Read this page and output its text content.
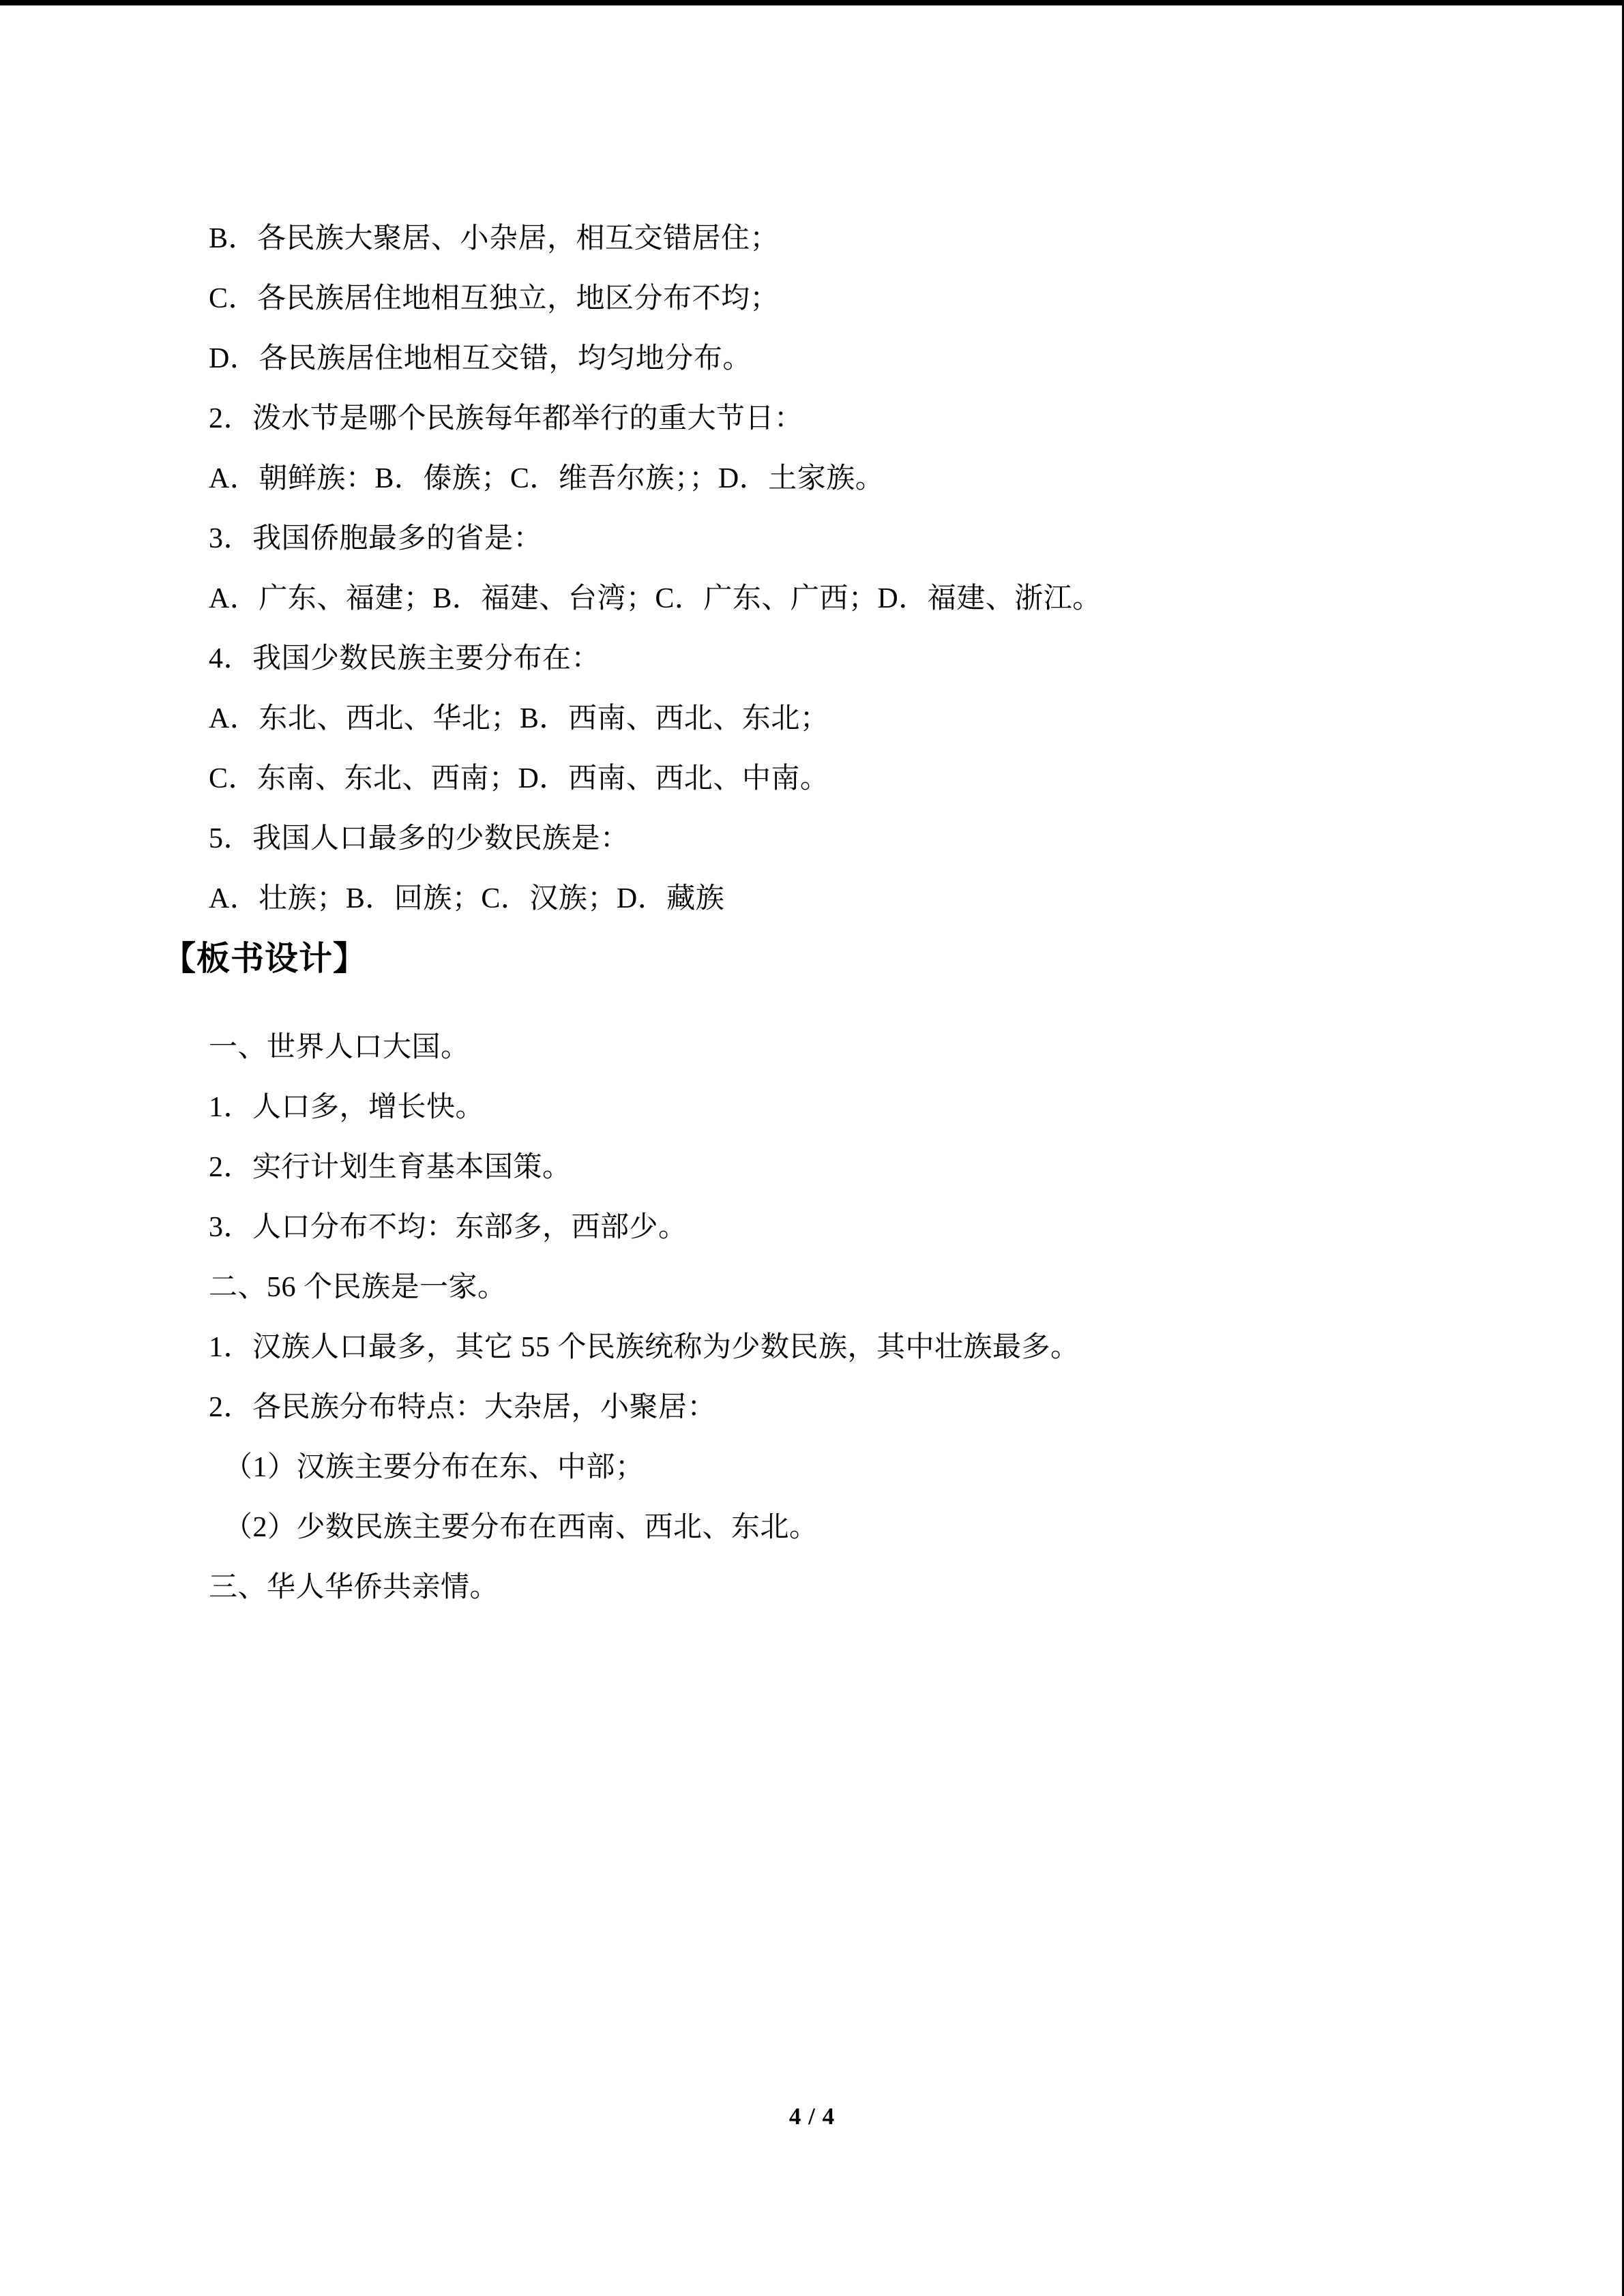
B．各民族大聚居、小杂居，相互交错居住；

C．各民族居住地相互独立，地区分布不均；

D．各民族居住地相互交错，均匀地分布。

2．泼水节是哪个民族每年都举行的重大节日：

A．朝鲜族：B．傣族；C．维吾尔族；；D．土家族。

3．我国侨胞最多的省是：

A．广东、福建；B．福建、台湾；C．广东、广西；D．福建、浙江。

4．我国少数民族主要分布在：

A．东北、西北、华北；B．西南、西北、东北；

C．东南、东北、西南；D．西南、西北、中南。

5．我国人口最多的少数民族是：

A．壮族；B．回族；C．汉族；D．藏族

【板书设计】

一、世界人口大国。

1．人口多，增长快。

2．实行计划生育基本国策。

3．人口分布不均：东部多，西部少。

二、56 个民族是一家。

1．汉族人口最多，其它 55 个民族统称为少数民族，其中壮族最多。

2．各民族分布特点：大杂居，小聚居：

（1）汉族主要分布在东、中部；

（2）少数民族主要分布在西南、西北、东北。

三、华人华侨共亲情。

4 / 4
